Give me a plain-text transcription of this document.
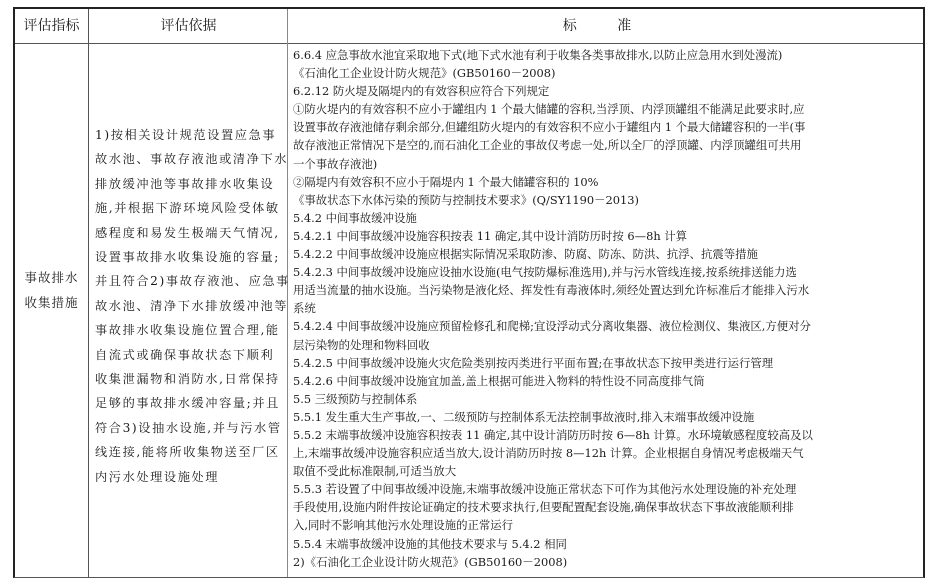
评估指标	评估依据	标 准
事故排水
收集措施
1)按相关设计规范设置应急事
故水池、事故存液池或清净下水
排放缓冲池等事故排水收集设
施,并根据下游环境风险受体敏
感程度和易发生极端天气情况,
设置事故排水收集设施的容量;
并且符合2)事故存液池、应急事
故水池、清净下水排放缓冲池等
事故排水收集设施位置合理,能
自流式或确保事故状态下顺利
收集泄漏物和消防水,日常保持
足够的事故排水缓冲容量;并且
符合3)设抽水设施,并与污水管
线连接,能将所收集物送至厂区
内污水处理设施处理
6.6.4 应急事故水池宜采取地下式(地下式水池有利于收集各类事故排水,以防止应急用水到处漫流)
《石油化工企业设计防火规范》(GB50160－2008)
6.2.12 防火堤及隔堤内的有效容积应符合下列规定
①防火堤内的有效容积不应小于罐组内 1 个最大储罐的容积,当浮顶、内浮顶罐组不能满足此要求时,应
设置事故存液池储存剩余部分,但罐组防火堤内的有效容积不应小于罐组内 1 个最大储罐容积的一半(事
故存液池正常情况下是空的,而石油化工企业的事故仅考虑一处,所以全厂的浮顶罐、内浮顶罐组可共用
一个事故存液池)
②隔堤内有效容积不应小于隔堤内 1 个最大储罐容积的 10%
《事故状态下水体污染的预防与控制技术要求》(Q/SY1190－2013)
5.4.2 中间事故缓冲设施
5.4.2.1 中间事故缓冲设施容积按表 11 确定,其中设计消防历时按 6—8h 计算
5.4.2.2 中间事故缓冲设施应根据实际情况采取防渗、防腐、防冻、防洪、抗浮、抗震等措施
5.4.2.3 中间事故缓冲设施应设抽水设施(电气按防爆标准选用),并与污水管线连接,按系统排送能力选
用适当流量的抽水设施。当污染物是液化烃、挥发性有毒液体时,须经处置达到允许标准后才能排入污水
系统
5.4.2.4 中间事故缓冲设施应预留检修孔和爬梯;宜设浮动式分离收集器、液位检测仪、集液区,方便对分
层污染物的处理和物料回收
5.4.2.5 中间事故缓冲设施火灾危险类别按丙类进行平面布置;在事故状态下按甲类进行运行管理
5.4.2.6 中间事故缓冲设施宜加盖,盖上根据可能进入物料的特性设不同高度排气筒
5.5 三级预防与控制体系
5.5.1 发生重大生产事故,一、二级预防与控制体系无法控制事故液时,排入末端事故缓冲设施
5.5.2 末端事故缓冲设施容积按表 11 确定,其中设计消防历时按 6—8h 计算。水环境敏感程度较高及以
上,末端事故缓冲设施容积应适当放大,设计消防历时按 8—12h 计算。企业根据自身情况考虑极端天气
取值不受此标准限制,可适当放大
5.5.3 若设置了中间事故缓冲设施,末端事故缓冲设施正常状态下可作为其他污水处理设施的补充处理
手段使用,设施内附件按论证确定的技术要求执行,但要配置配套设施,确保事故状态下事故液能顺利排
入,同时不影响其他污水处理设施的正常运行
5.5.4 末端事故缓冲设施的其他技术要求与 5.4.2 相同
2)《石油化工企业设计防火规范》(GB50160－2008)
